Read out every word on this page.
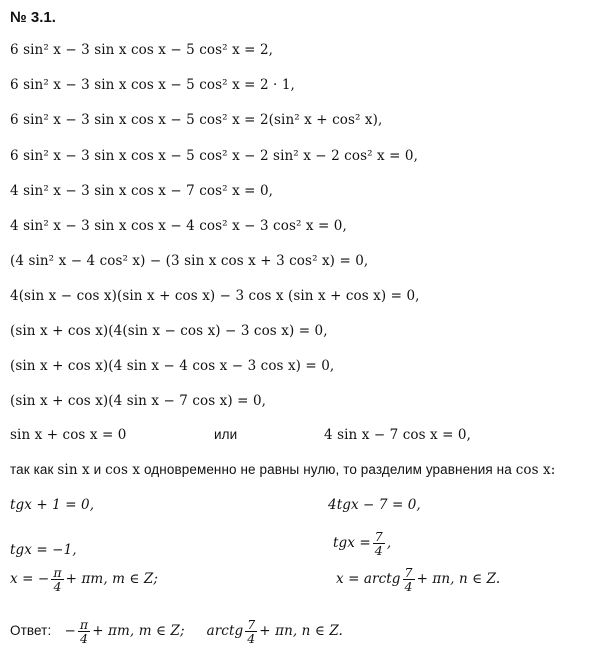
№ 3.1.
6 sin² x − 3 sin x cos x − 5 cos² x = 2,
6 sin² x − 3 sin x cos x − 5 cos² x = 2 · 1,
6 sin² x − 3 sin x cos x − 5 cos² x = 2(sin² x + cos² x),
6 sin² x − 3 sin x cos x − 5 cos² x − 2 sin² x − 2 cos² x = 0,
4 sin² x − 3 sin x cos x − 7 cos² x = 0,
4 sin² x − 3 sin x cos x − 4 cos² x − 3 cos² x = 0,
(4 sin² x − 4 cos² x) − (3 sin x cos x + 3 cos² x) = 0,
4(sin x − cos x)(sin x + cos x) − 3 cos x (sin x + cos x) = 0,
(sin x + cos x)(4(sin x − cos x) − 3 cos x) = 0,
(sin x + cos x)(4 sin x − 4 cos x − 3 cos x) = 0,
(sin x + cos x)(4 sin x − 7 cos x) = 0,
sin x + cos x = 0	или	4 sin x − 7 cos x = 0,
так как sin x и cos x одновременно не равны нулю, то разделим уравнения на cos x:
tgx + 1 = 0,
tgx = −1,
x = − $\frac{\pi}{4} + \pi m$, m ∈ Z;
4tgx − 7 = 0,
tgx = $\frac{7}{4}$ ,
x = arctg $\frac{7}{4} + \pi n$, n ∈ Z.
Ответ: − $\frac{\pi}{4} + \pi m$, m ∈ Z; arctg $\frac{7}{4} + \pi n$, n ∈ Z.
